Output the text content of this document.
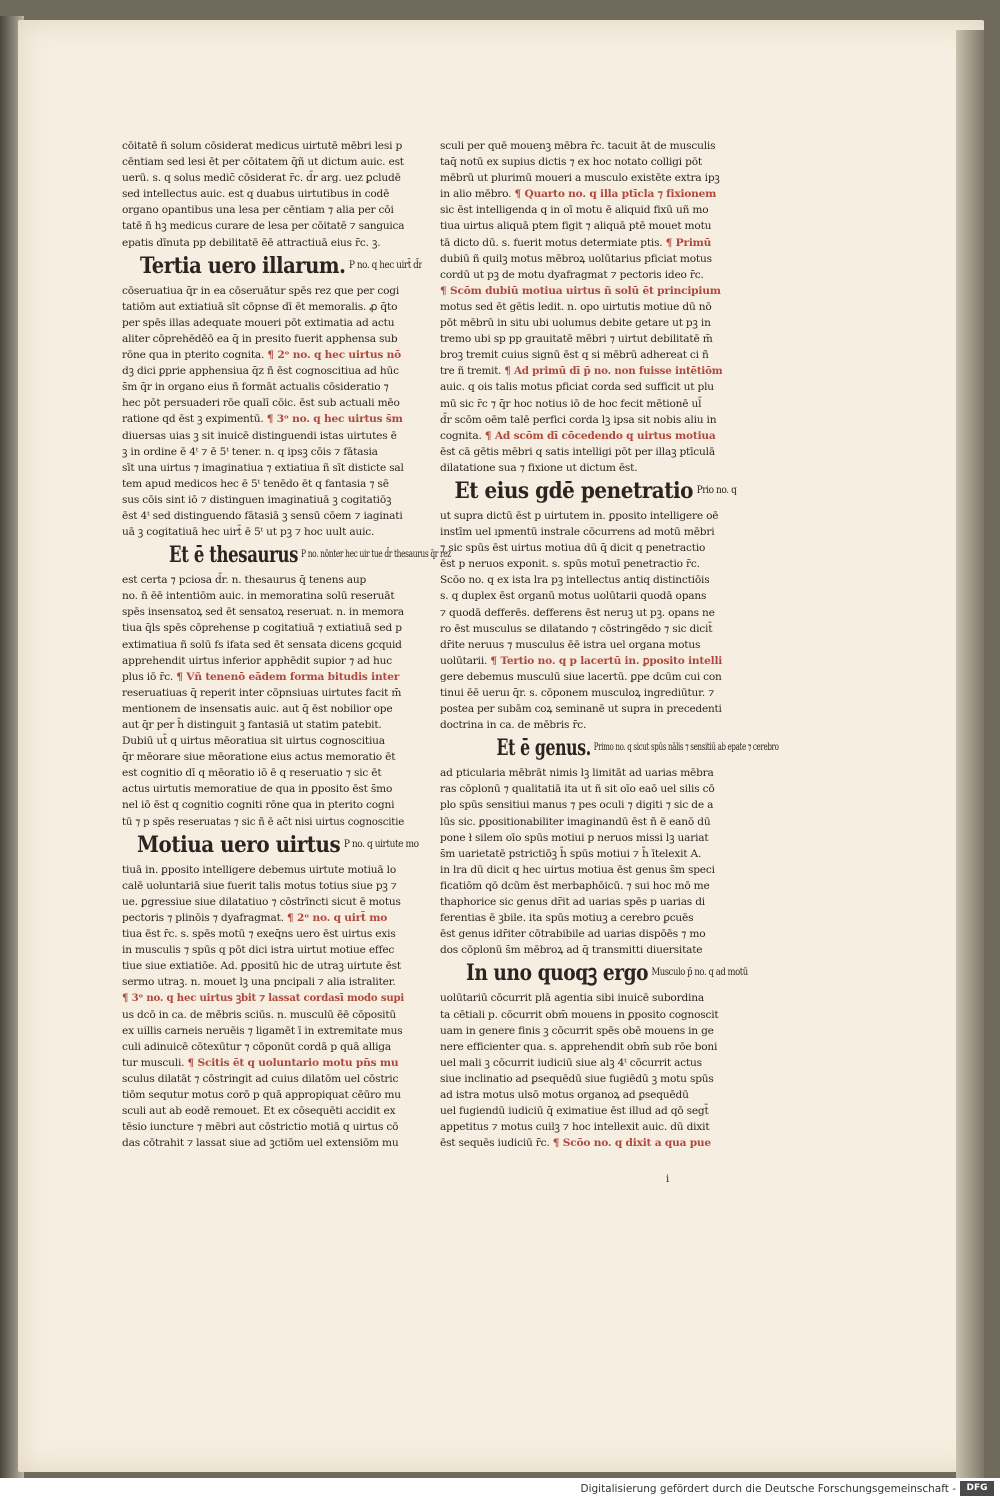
cōitatē ñ solum cōsiderat medicus uirtutē mēbri lesi p
cēntiam sed lesi ēt per cōitatem q̄ñ ut dictum auic. est
uerū. s. q solus medic̄ cōsiderat r̄c. d̄r arg. uez ꝑcludē
sed intellectus auic. est q duabus uirtutibus in codē
organo opantibus una lesa per cēntiam ⁊ alia per cōi
tatē ñ hꝫ medicus curare de lesa per cōitatē ⁊ sanguica
epatis dīnuta pp debilitatē ēē attractiuā eius r̄c. ꝫ.
Tertia uero illarum. $^{P no. q hec uirt̄ d̄r}$
cōseruatiua q̄r in ea cōseruātur spēs rez que per cogi
tatiōm aut extiatiuā sīt cōpnse dī ēt memoralis. ꝓ q̄to
per spēs illas adequate moueri pōt extimatia ad actu
aliter cōprehēdēō ea q̄ in presito fuerit apphensa sub
rōne qua in pterito cognita. ¶ 2ᵒ no. q hec uirtus nō
dꝫ dici ꝑprie apphensiua q̄z ñ ēst cognoscitiua ad hūc
s̄m q̄r in organo eius ñ formāt actualis cōsideratio ⁊
hec pōt persuaderi rōe qualī cōic. ēst sub actuali mēo
ratione qd ēst ꝫ expimentū. ¶ 3ᵒ no. q hec uirtus s̄m
diuersas uias ꝫ sit inuicē distinguendi istas uirtutes ē
ꝫ in ordine ē 4ᵗ ⁊ ē 5ᵗ tener. n. q ipsꝫ cōis ⁊ fātasia
sīt una uirtus ⁊ imaginatiua ⁊ extiatiua ñ sīt disticte sal
tem apud medicos hec ē 5ᵗ tenēdo ēt q fantasia ⁊ sē
sus cōis sint iō ⁊ distinguen imaginatiuā ꝫ cogitatiōꝫ
ēst 4ᵗ sed distinguendo fātasiā ꝫ sensū cōem ⁊ iaginati
uā ꝫ cogitatiuā hec uirt̄ ē 5ᵗ ut pꝫ ⁊ hoc uult auic.
Et ē thesaurus $^{P no. nōnter hec uir tue d̄r thesaurus q̄r rez}$
est certa ⁊ pciosa d̄r. n. thesaurus q̄ tenens aup
no. ñ ēē intentiōm auic. in memoratina solū reseruāt
spēs insensatoꝝ sed ēt sensatoꝝ reseruat. n. in memora
tiua q̄ls spēs cōprehense p cogitatiuā ⁊ extiatiuā sed p
extimatiua ñ solū fs ifata sed ēt sensata dicens gcquid
apprehendit uirtus inferior apphēdit supior ⁊ ad huc
plus iō r̄c. ¶ Vñ tenenō eādem forma bitudis inter
reseruatiuas q̄ reperit inter cōpnsiuas uirtutes facit m̄
mentionem de insensatis auic. aut q̄ ēst nobilior ope
aut q̄r per h̄ distinguit ꝫ fantasiā ut statim patebit.
Dubiū ut̄ q uirtus mēoratiua sit uirtus cognoscitiua
q̄r mēorare siue mēoratione eius actus memoratio ēt
est cognitio dī q mēoratio iō ē q reseruatio ⁊ sic ēt
actus uirtutis memoratiue de qua in ꝑposito ēst s̄mo
nel iō ēst q cognitio cogniti rōne qua in pterito cogni
tū ⁊ p spēs reseruatas ⁊ sic ñ ē ac̄t nisi uirtus cognoscitie
Motiua uero uirtus $^{P no. q uirtute mo}$
tiuā in. ꝑposito intelligere debemus uirtute motiuā lo
calē uoluntariā siue fuerit talis motus totius siue pꝫ ⁊
ue. ꝑgressiue siue dilatatiuo ⁊ cōstrīncti sicut ē motus
pectoris ⁊ plinōis ⁊ dyafragmat. ¶ 2ᵒ no. q uirt̄ mo
tiua ēst r̄c. s. spēs motū ⁊ exeq̄ns uero ēst uirtus exis
in musculis ⁊ spūs q pōt dici istra uirtut motiue effec
tiue siue extiatiōe. Ad. ꝑpositū hic de utraꝫ uirtute ēst
sermo utraꝫ. n. mouet lꝫ una pncipali ⁊ alia istraliter.
¶ 3ᵒ no. q hec uirtus ꝫbit ⁊ lassat cordasī modo supi
us dcō in ca. de mēbris sciūs. n. musculū ēē cōpositū
ex uillis carneis neruēis ⁊ ligamēt ī in extremitate mus
culi adinuicē cōtexūtur ⁊ cōponūt cordā p quā alliga
tur musculi. ¶ Scitis ēt q uoluntario motu pn̄s mu
sculus dilatāt ⁊ cōstringit ad cuius dilatōm uel cōstric
tiōm sequtur motus corō p quā appropiquat cēūro mu
sculi aut ab eodē remouet. Et ex cōsequēti accidit ex
tēsio iuncture ⁊ mēbri aut cōstrictio motiā q uirtus cō
das cōtrahit ⁊ lassat siue ad ꝫctiōm uel extensiōm mu
sculi per quē mouenꝫ mēbra r̄c. tacuit āt de musculis
taq̄ notū ex supius dictis ⁊ ex hoc notato colligi pōt
mēbrū ut plurimū moueri a musculo existēte extra ipꝫ
in alio mēbro. ¶ Quarto no. q illa ptīcla ⁊ fixionem
sic ēst intelligenda q in oī motu ē aliquid fixū uñ mo
tiua uirtus aliquā ptem figit ⁊ aliquā ptē mouet motu
tā dicto dū. s. fuerit motus determiate ptis. ¶ Primū
dubiū ñ quilꝫ motus mēbroꝝ uolūtarius pficiat motus
cordū ut pꝫ de motu dyafragmat ⁊ pectoris ideo r̄c.
¶ Scōm dubiū motiua uirtus ñ solū ēt principium
motus sed ēt gētis ledit. n. opo uirtutis motiue dū nō
pōt mēbrū in situ ubi uolumus debite getare ut pꝫ in
tremo ubi sp pp grauitatē mēbri ⁊ uirtut debilitatē m̄
broꝫ tremit cuius signū ēst q si mēbrū adhereat ci ñ
tre ñ tremit. ¶ Ad primū dī p̄ no. non fuisse intētiōm
auic. q ois talis motus pficiat corda sed sufficit ut plu
mū sic r̄c ⁊ q̄r hoc notius iō de hoc fecit mētionē ul̄
d̄r scōm oēm talē perfici corda lꝫ ipsa sit nobis aliu in
cognita. ¶ Ad scōm dī cōcedendo q uirtus motiua
ēst cā gētis mēbri q satis intelligi pōt per illaꝫ ptīculā
dilatatione sua ⁊ fixione ut dictum ēst.
Et eius gdē penetratio $^{Prio no. q}$
ut supra dictū ēst p uirtutem in. ꝑposito intelligere oē
instīm uel ıpmentū instrale cōcurrens ad motū mēbri
⁊ sic spūs ēst uirtus motiua dū q̄ dicit q penetractio
ēst p neruos exponit. s. spūs motuī penetractio r̄c.
Scōo no. q ex ista lra pꝫ intellectus antiq distinctiōis
s. q duplex ēst organū motus uolūtarii quodā opans
⁊ quodā defferēs. defferens ēst neruꝫ ut pꝫ. opans ne
ro ēst musculus se dilatando ⁊ cōstringēdo ⁊ sic dicit̄
dr̄ite neruus ⁊ musculus ēē istra uel organa motus
uolūtarii. ¶ Tertio no. q p lacertū in. ꝑposito intelli
gere debemus musculū siue lacertū. ꝑpe dcūm cui con
tinui ēē ueruı q̄r. s. cōponem musculoꝝ ingrediūtur. ⁊
postea per subām coꝝ seminanē ut supra in precedenti
doctrina in ca. de mēbris r̄c.
Et ē genus. $^{Primo no. q sicut spūs nālis ⁊ sensitiū ab epate ⁊ cerebro}$
ad pticularia mēbrāt nimis lꝫ limitāt ad uarias mēbra
ras cōplonū ⁊ qualitatiā ita ut ñ sit oīo eaō uel silis cō
plo spūs sensitiui manus ⁊ pes oculi ⁊ digiti ⁊ sic de a
lūs sic. ꝑpositionabiliter imaginandū ēst ñ ē eanō dū
pone ł silem oīo spūs motiui p neruos missi lꝫ uariat
s̄m uarietatē pstrictiōꝫ h̄ spūs motiui ⁊ h̄ ītelexit A.
in lra dū dicit q hec uirtus motiua ēst genus s̄m speci
ficatiōm qō dcūm ēst merbaphōicū. ⁊ sui hoc mō me
thaphorice sic genus dr̄it ad uarias spēs p uarias di
ferentias ē ꝫbile. ita spūs motiuꝫ a cerebro ꝑcuēs
ēst genus idr̄iter cōtrabibile ad uarias dispōēs ⁊ mo
dos cōplonū s̄m mēbroꝝ ad q̄ transmitti diuersitate
In uno quoqꝫ ergo $^{Musculo p̄ no. q ad motū}$
uolūtariū cōcurrit plā agentia sibi inuicē subordina
ta cētiali p. cōcurrit obm̄ mouens in ꝑposito cognoscit
uam in genere finis ꝫ cōcurrit spēs obē mouens in ge
nere efficienter qua. s. apprehendit obm̄ sub rōe boni
uel mali ꝫ cōcurrit iudiciū siue alꝫ 4ᵗ cōcurrit actus
siue inclinatio ad ꝑsequēdū siue fugiēdū ꝫ motu spūs
ad istra motus ulsō motus organoꝝ ad ꝑsequēdū
uel fugiendū iudiciū q̄ eximatiue ēst illud ad qō segt̄
appetitus ⁊ motus cuilꝫ ⁊ hoc intellexit auic. dū dixit
ēst sequēs iudiciū r̄c. ¶ Scōo no. q dixit a qua pue
i
Digitalisierung gefördert durch die Deutsche Forschungsgemeinschaft -	DFG
